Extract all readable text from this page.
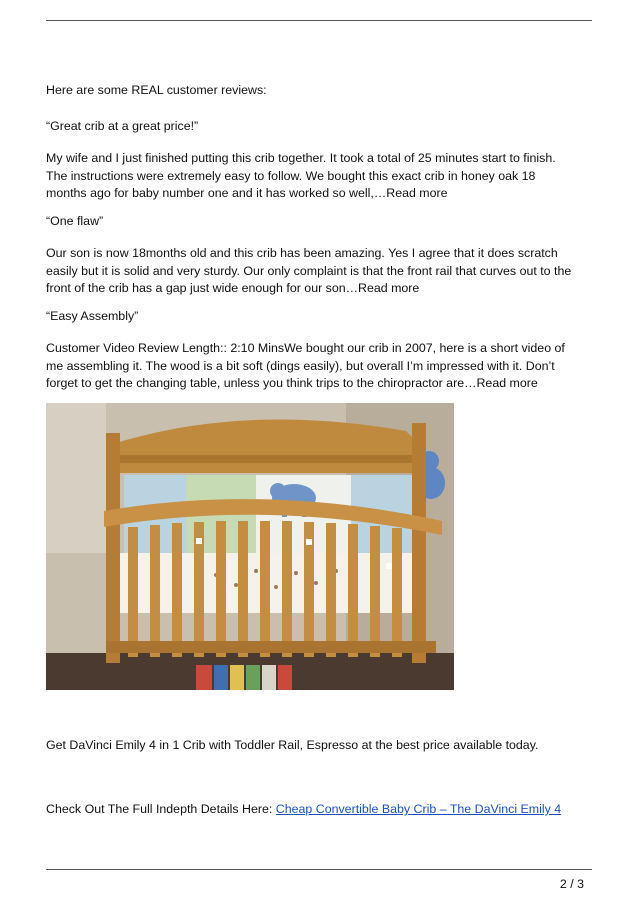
Here are some REAL customer reviews:

“Great crib at a great price!”

My wife and I just finished putting this crib together. It took a total of 25 minutes start to finish.
The instructions were extremely easy to follow. We bought this exact crib in honey oak 18
months ago for baby number one and it has worked so well,…Read more

“One flaw”

Our son is now 18months old and this crib has been amazing. Yes I agree that it does scratch
easily but it is solid and very sturdy. Our only complaint is that the front rail that curves out to the
front of the crib has a gap just wide enough for our son…Read more

“Easy Assembly”

Customer Video Review Length:: 2:10 MinsWe bought our crib in 2007, here is a short video of
me assembling it. The wood is a bit soft (dings easily), but overall I’m impressed with it. Don’t
forget to get the changing table, unless you think trips to the chiropractor are…Read more

Get DaVinci Emily 4 in 1 Crib with Toddler Rail, Espresso at the best price available today.

Check Out The Full Indepth Details Here: Cheap Convertible Baby Crib – The DaVinci Emily 4

2 / 3
